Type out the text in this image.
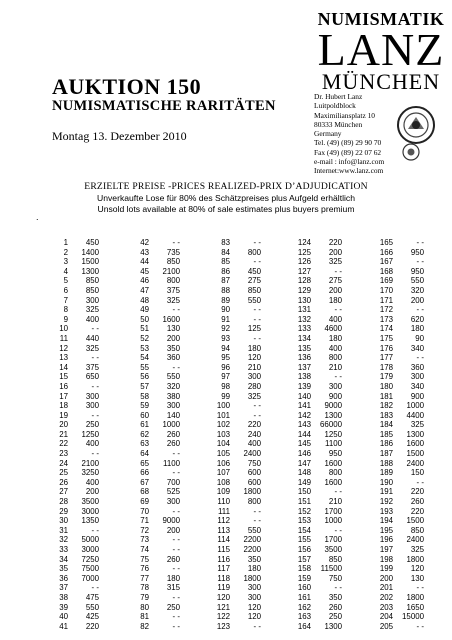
NUMISMATIK
LANZ
MÜNCHEN
AUKTION 150
NUMISMATISCHE RARITÄTEN
Montag 13. Dezember 2010
Dr. Hubert Lanz
Luitpoldblock
Maximiliansplatz 10
80333 München
Germany
Tel. (49) (89) 29 90 70
Fax (49) (89) 22 07 62
e-mail : info@lanz.com
Internet:www.lanz.com
ERZIELTE PREISE -PRICES REALIZED-PRIX D’ADJUDICATION
Unverkaufte Lose für 80% des Schätzpreises plus Aufgeld erhältlich
Unsold lots available at 80% of sale estimates plus buyers premium
.
1	450
2	1400
3	1500
4	1300
5	850
6	850
7	300
8	325
9	400
10	- -
11	440
12	325
13	- -
14	375
15	650
16	- -
17	300
18	300
19	- -
20	250
21	1250
22	400
23	- -
24	2100
25	3250
26	400
27	200
28	3500
29	3000
30	1350
31	- -
32	5000
33	3000
34	7250
35	7500
36	7000
37	- -
38	475
39	550
40	425
41	220
42	- -
43	735
44	850
45	2100
46	800
47	375
48	325
49	- -
50	1600
51	130
52	200
53	350
54	360
55	- -
56	550
57	320
58	380
59	300
60	140
61	1000
62	260
63	260
64	- -
65	1100
66	- -
67	700
68	525
69	300
70	- -
71	9000
72	200
73	- -
74	- -
75	260
76	- -
77	180
78	315
79	- -
80	250
81	- -
82	- -
83	- -
84	800
85	- -
86	450
87	275
88	850
89	550
90	- -
91	- -
92	125
93	- -
94	180
95	120
96	210
97	300
98	280
99	325
100	- -
101	- -
102	220
103	240
104	400
105	2400
106	750
107	600
108	600
109	1800
110	800
111	- -
112	- -
113	550
114	2200
115	2200
116	350
117	180
118	1800
119	300
120	300
121	120
122	120
123	- -
124	220
125	200
126	325
127	- -
128	275
129	200
130	180
131	- -
132	400
133	4600
134	180
135	400
136	800
137	210
138	- -
139	300
140	900
141	9000
142	1300
143	66000
144	1250
145	1100
146	950
147	1600
148	800
149	1600
150	- -
151	210
152	1700
153	1000
154	- -
155	1700
156	3500
157	850
158	11500
159	750
160	- -
161	350
162	260
163	250
164	1300
165	- -
166	950
167	- -
168	950
169	550
170	320
171	200
172	- -
173	620
174	180
175	90
176	340
177	- -
178	360
179	300
180	340
181	900
182	1000
183	4400
184	325
185	1300
186	1600
187	1500
188	2400
189	150
190	- -
191	220
192	260
193	220
194	1500
195	850
196	2400
197	325
198	1800
199	120
200	130
201	- -
202	1800
203	1650
204	15000
205	- -
